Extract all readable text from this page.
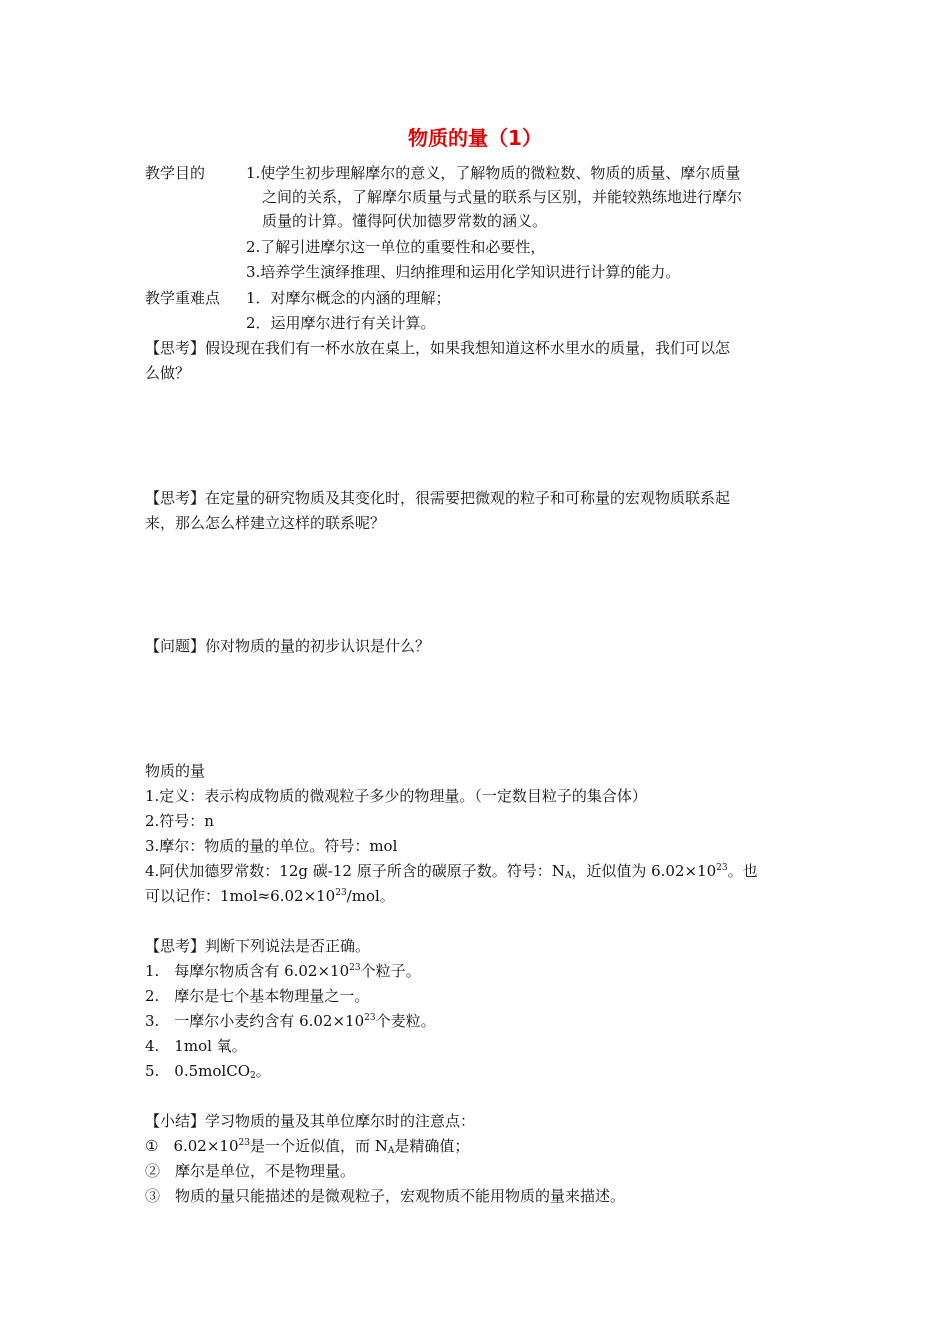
物质的量（1）
教学目的	1.使学生初步理解摩尔的意义，了解物质的微粒数、物质的质量、摩尔质量
之间的关系，了解摩尔质量与式量的联系与区别，并能较熟练地进行摩尔
质量的计算。懂得阿伏加德罗常数的涵义。
2.了解引进摩尔这一单位的重要性和必要性，
3.培养学生演绎推理、归纳推理和运用化学知识进行计算的能力。
教学重难点 1．对摩尔概念的内涵的理解；
2．运用摩尔进行有关计算。
【思考】假设现在我们有一杯水放在桌上，如果我想知道这杯水里水的质量，我们可以怎
么做？
【思考】在定量的研究物质及其变化时，很需要把微观的粒子和可称量的宏观物质联系起
来，那么怎么样建立这样的联系呢？
【问题】你对物质的量的初步认识是什么？
物质的量
1.定义：表示构成物质的微观粒子多少的物理量。（一定数目粒子的集合体）
2.符号：n
3.摩尔：物质的量的单位。符号：mol
4.阿伏加德罗常数：12g 碳-12 原子所含的碳原子数。符号：$N_A$，近似值为 $6.02\times 10^{23}$。也
可以记作：$1mol\approx 6.02\times 10^{23}$/mol。
【思考】判断下列说法是否正确。
1.　每摩尔物质含有 $6.02\times 10^{23}$个粒子。
2.　摩尔是七个基本物理量之一。
3.　一摩尔小麦约含有 $6.02\times 10^{23}$个麦粒。
4.　1mol 氧。
5.　0.5molCO$_2$。
【小结】学习物质的量及其单位摩尔时的注意点：
①　$6.02\times 10^{23}$是一个近似值，而 $N_A$是精确值；
②　摩尔是单位，不是物理量。
③　物质的量只能描述的是微观粒子，宏观物质不能用物质的量来描述。
